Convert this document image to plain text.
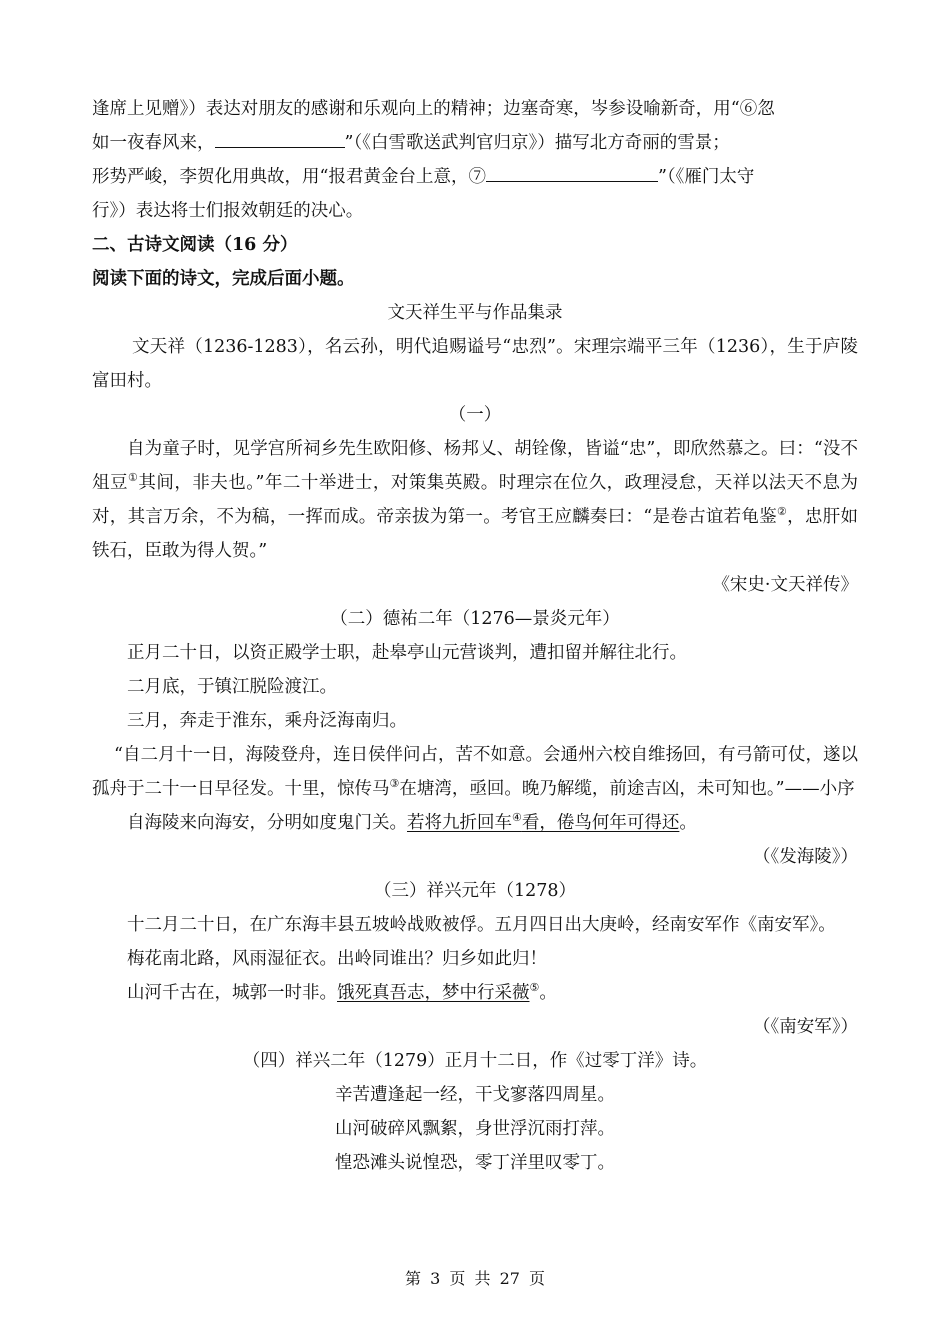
逢席上见赠》）表达对朋友的感谢和乐观向上的精神；边塞奇寒，岑参设喻新奇，用“⑥忽

如一夜春风来，	”（《白雪歌送武判官归京》）描写北方奇丽的雪景；

形势严峻，李贺化用典故，用“报君黄金台上意，⑦	”（《雁门太守

行》）表达将士们报效朝廷的决心。

二、古诗文阅读（16 分）

阅读下面的诗文，完成后面小题。

文天祥生平与作品集录

文天祥（1236-1283），名云孙，明代追赐谥号“忠烈”。宋理宗端平三年（1236），生于庐陵富田村。

（一）

自为童子时，见学宫所祠乡先生欧阳修、杨邦乂、胡铨像，皆谥“忠”，即欣然慕之。曰：“没不俎豆①其间，非夫也。”年二十举进士，对策集英殿。时理宗在位久，政理浸怠，天祥以法天不息为对，其言万余，不为稿，一挥而成。帝亲拔为第一。考官王应麟奏曰：“是卷古谊若龟鉴②，忠肝如铁石，臣敢为得人贺。”

《宋史·文天祥传》

（二）德祐二年（1276—景炎元年）

正月二十日，以资正殿学士职，赴皋亭山元营谈判，遭扣留并解往北行。

二月底，于镇江脱险渡江。

三月，奔走于淮东，乘舟泛海南归。

“自二月十一日，海陵登舟，连日侯伴问占，苦不如意。会通州六校自维扬回，有弓箭可仗，遂以孤舟于二十一日早径发。十里，惊传马③在塘湾，亟回。晚乃解缆，前途吉凶，未可知也。”——小序

自海陵来向海安，分明如度鬼门关。若将九折回车④看，倦鸟何年可得还。

（《发海陵》）

（三）祥兴元年（1278）

十二月二十日，在广东海丰县五坡岭战败被俘。五月四日出大庚岭，经南安军作《南安军》。

梅花南北路，风雨湿征衣。出岭同谁出？归乡如此归！

山河千古在，城郭一时非。饿死真吾志，梦中行采薇⑤。

（《南安军》）

（四）祥兴二年（1279）正月十二日，作《过零丁洋》诗。

辛苦遭逢起一经，干戈寥落四周星。

山河破碎风飘絮，身世浮沉雨打萍。

惶恐滩头说惶恐，零丁洋里叹零丁。

第 3 页 共 27 页
